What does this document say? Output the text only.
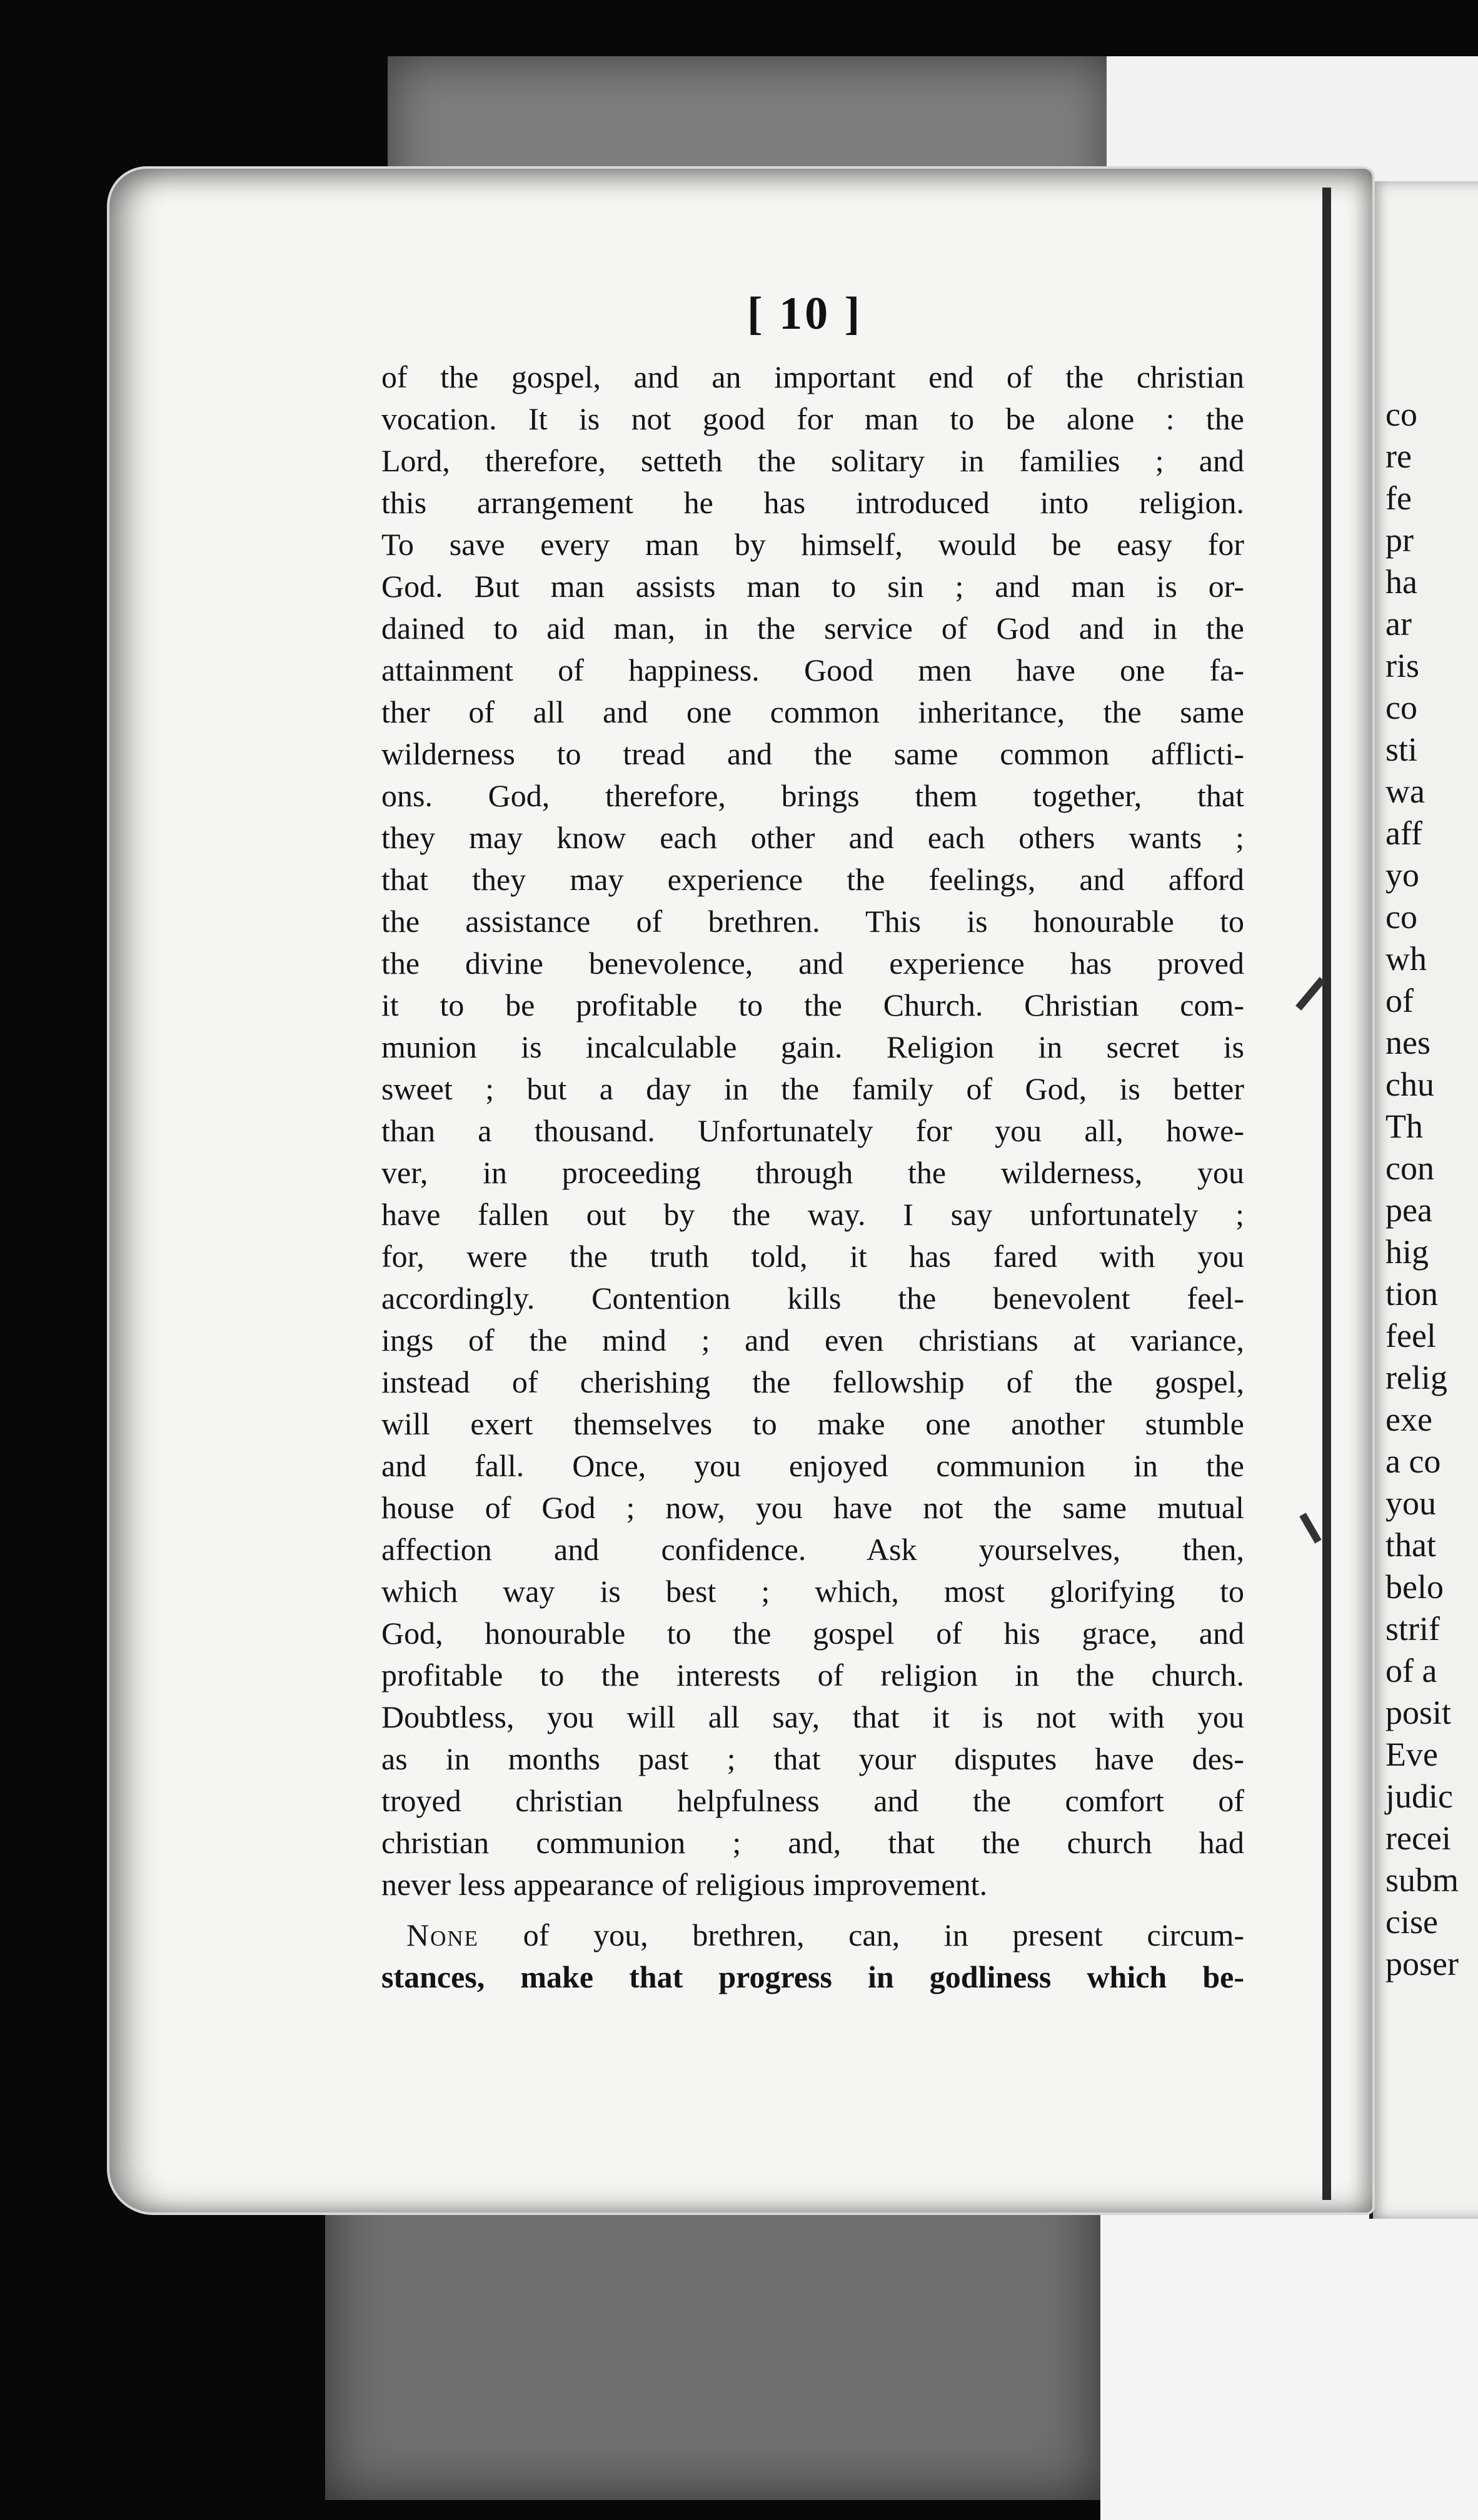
co
re
fe
pr
ha
ar
ris
co
sti
wa
aff
yo
co
wh
of
nes
chu
Th
con
pea
hig
tion
feel
relig
exe
a co
you
that
belo
strif
of a
posit
Eve
judic
recei
subm
cise
poser
[ 10 ]
of the gospel, and an important end of the christian
vocation. It is not good for man to be alone : the
Lord, therefore, setteth the solitary in families ; and
this arrangement he has introduced into religion.
To save every man by himself, would be easy for
God. But man assists man to sin ; and man is or-
dained to aid man, in the service of God and in the
attainment of happiness. Good men have one fa-
ther of all and one common inheritance, the same
wilderness to tread and the same common afflicti-
ons. God, therefore, brings them together, that
they may know each other and each others wants ;
that they may experience the feelings, and afford
the assistance of brethren. This is honourable to
the divine benevolence, and experience has proved
it to be profitable to the Church. Christian com-
munion is incalculable gain. Religion in secret is
sweet ; but a day in the family of God, is better
than a thousand. Unfortunately for you all, howe-
ver, in proceeding through the wilderness, you
have fallen out by the way. I say unfortunately ;
for, were the truth told, it has fared with you
accordingly. Contention kills the benevolent feel-
ings of the mind ; and even christians at variance,
instead of cherishing the fellowship of the gospel,
will exert themselves to make one another stumble
and fall. Once, you enjoyed communion in the
house of God ; now, you have not the same mutual
affection and confidence. Ask yourselves, then,
which way is best ; which, most glorifying to
God, honourable to the gospel of his grace, and
profitable to the interests of religion in the church.
Doubtless, you will all say, that it is not with you
as in months past ; that your disputes have des-
troyed christian helpfulness and the comfort of
christian communion ; and, that the church had
never less appearance of religious improvement.
None of you, brethren, can, in present circum-
stances, make that progress in godliness which be-
